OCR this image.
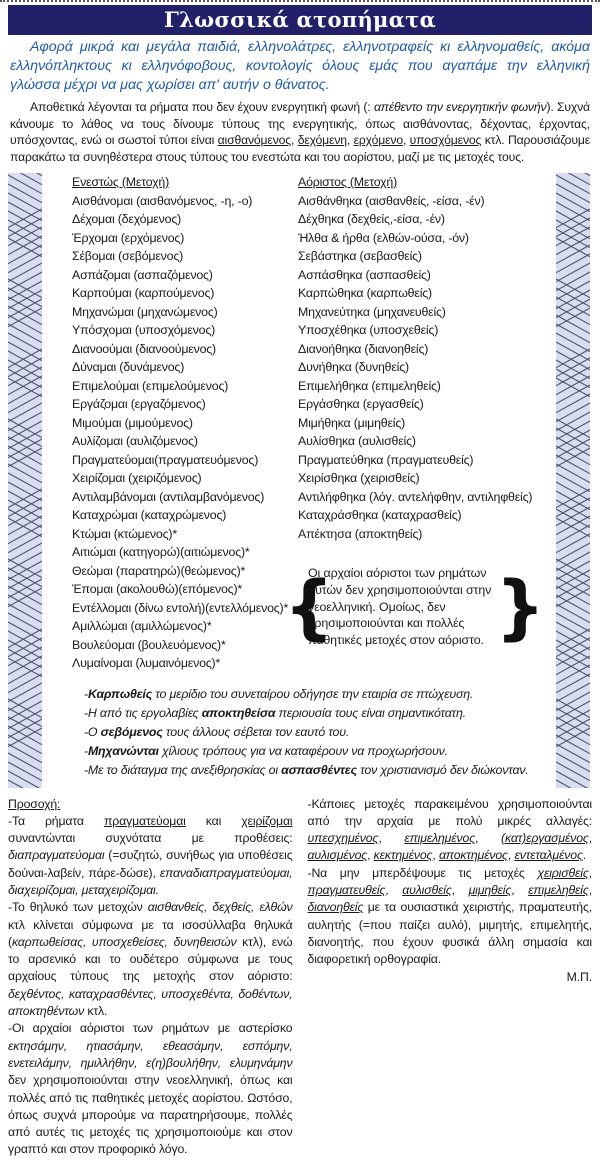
Γλωσσικά ατοπήματα

Αφορά μικρά και μεγάλα παιδιά, ελληνολάτρες, ελληνοτραφείς κι ελληνομαθείς, ακόμα ελληνόπληκτους κι ελληνόφοβους, κοντολογίς όλους εμάς που αγαπάμε την ελληνική γλώσσα μέχρι να μας χωρίσει απ' αυτήν ο θάνατος.

Αποθετικά λέγονται τα ρήματα που δεν έχουν ενεργητική φωνή (: απέθεντο την ενεργητικήν φωνήν). Συχνά κάνουμε το λάθος να τους δίνουμε τύπους της ενεργητικής, όπως αισθάνοντας, δέχοντας, έρχοντας, υπόσχοντας, ενώ οι σωστοί τύποι είναι αισθανόμενος, δεχόμενη, ερχόμενο, υποσχόμενος κτλ. Παρουσιάζουμε παρακάτω τα συνηθέστερα στους τύπους του ενεστώτα και του αορίστου, μαζί με τις μετοχές τους.

Ενεστώς (Μετοχή)
Αισθάνομαι (αισθανόμενος, -η, -ο)
Δέχομαι (δεχόμενος)
Έρχομαι (ερχόμενος)
Σέβομαι (σεβόμενος)
Ασπάζομαι (ασπαζόμενος)
Καρπούμαι (καρπούμενος)
Μηχανώμαι (μηχανώμενος)
Υπόσχομαι (υποσχόμενος)
Διανοούμαι (διανοούμενος)
Δύναμαι (δυνάμενος)
Επιμελούμαι (επιμελούμενος)
Εργάζομαι (εργαζόμενος)
Μιμούμαι (μιμούμενος)
Αυλίζομαι (αυλιζόμενος)
Πραγματεύομαι(πραγματευόμενος)
Χειρίζομαι (χειριζόμενος)
Αντιλαμβάνομαι (αντιλαμβανόμενος)
Καταχρώμαι (καταχρώμενος)
Κτώμαι (κτώμενος)*
Αιτιώμαι (κατηγορώ)(αιτιώμενος)*
Θεώμαι (παρατηρώ)(θεώμενος)*
Έπομαι (ακολουθώ)(επόμενος)*
Εντέλλομαι (δίνω εντολή)(εντελλόμενος)*
Αμιλλώμαι (αμιλλώμενος)*
Βουλεύομαι (βουλευόμενος)*
Λυμαίνομαι (λυμαινόμενος)*
Αόριστος (Μετοχή)
Αισθάνθηκα (αισθανθείς, -είσα, -έν)
Δέχθηκα (δεχθείς,-είσα, -έν)
Ήλθα & ήρθα (ελθών-ούσα, -όν)
Σεβάστηκα (σεβασθείς)
Ασπάσθηκα (ασπασθείς)
Καρπώθηκα (καρπωθείς)
Μηχανεύτηκα (μηχανευθείς)
Υποσχέθηκα (υποσχεθείς)
Διανοήθηκα (διανοηθείς)
Δυνήθηκα (δυνηθείς)
Επιμελήθηκα (επιμεληθείς)
Εργάσθηκα (εργασθείς)
Μιμήθηκα (μιμηθείς)
Αυλίσθηκα (αυλισθείς)
Πραγματεύθηκα (πραγματευθείς)
Χειρίσθηκα (χειρισθείς)
Αντιλήφθηκα (λόγ. αντελήφθην, αντιληφθείς)
Καταχράσθηκα (καταχρασθείς)
Απέκτησα (αποκτηθείς)
{
Οι αρχαίοι αόριστοι των ρημάτων αυτών δεν χρησιμοποιούνται στην νεοελληνική. Ομοίως, δεν χρησιμοποιούνται και πολλές παθητικές μετοχές στον αόριστο. }
-Καρπωθείς το μερίδιο του συνεταίρου οδήγησε την εταιρία σε πτώχευση.
-Η από τις εργολαβίες αποκτηθείσα περιουσία τους είναι σημαντικότατη.
-Ο σεβόμενος τους άλλους σέβεται τον εαυτό του.
-Μηχανώνται χίλιους τρόπους για να καταφέρουν να προχωρήσουν.
-Με το διάταγμα της ανεξιθρησκίας οι ασπασθέντες τον χριστιανισμό δεν διώκονταν.

Προσοχή:

-Τα ρήματα πραγματεύομαι και χειρίζομαι συναντώνται συχνότατα με προθέσεις: διαπραγματεύομαι (=συζητώ, συνήθως για υποθέσεις δούναι-λαβείν, πάρε-δώσε), επαναδιαπραγματεύομαι, διαχειρίζομαι, μεταχειρίζομαι.

-Το θηλυκό των μετοχών αισθανθείς, δεχθείς, ελθών κτλ κλίνεται σύμφωνα με τα ισοσύλλαβα θηλυκά (καρπωθείσας, υποσχεθείσες, δυνηθεισών κτλ), ενώ το αρσενικό και το ουδέτερο σύμφωνα με τους αρχαίους τύπους της μετοχής στον αόριστο: δεχθέντος, καταχρασθέντες, υποσχεθέντα, δοθέντων, αποκτηθέντων κτλ.

-Οι αρχαίοι αόριστοι των ρημάτων με αστερίσκο εκτησάμην, ητιασάμην, εθεασάμην, εσπόμην, ενετειλάμην, ημιλλήθην, ε(η)βουλήθην, ελυμηνάμην δεν χρησιμοποιούνται στην νεοελληνική, όπως και πολλές από τις παθητικές μετοχές αορίστου. Ωστόσο, όπως συχνά μπορούμε να παρατηρήσουμε, πολλές από αυτές τις μετοχές τις χρησιμοποιούμε και στον γραπτό και στον προφορικό λόγο.

-Κάποιες μετοχές παρακειμένου χρησιμοποιούνται από την αρχαία με πολύ μικρές αλλαγές: υπεσχημένος, επιμελημένος, (κατ)εργασμένος, αυλισμένος, κεκτημένος, αποκτημένος, εντεταλμένος.

-Να μην μπερδέψουμε τις μετοχές χειρισθείς, πραγματευθείς, αυλισθείς, μιμηθείς, επιμεληθείς, διανοηθείς με τα ουσιαστικά χειριστής, πραματευτής, αυλητής (=που παίζει αυλό), μιμητής, επιμελητής, διανοητής, που έχουν φυσικά άλλη σημασία και διαφορετική ορθογραφία.

Μ.Π.
